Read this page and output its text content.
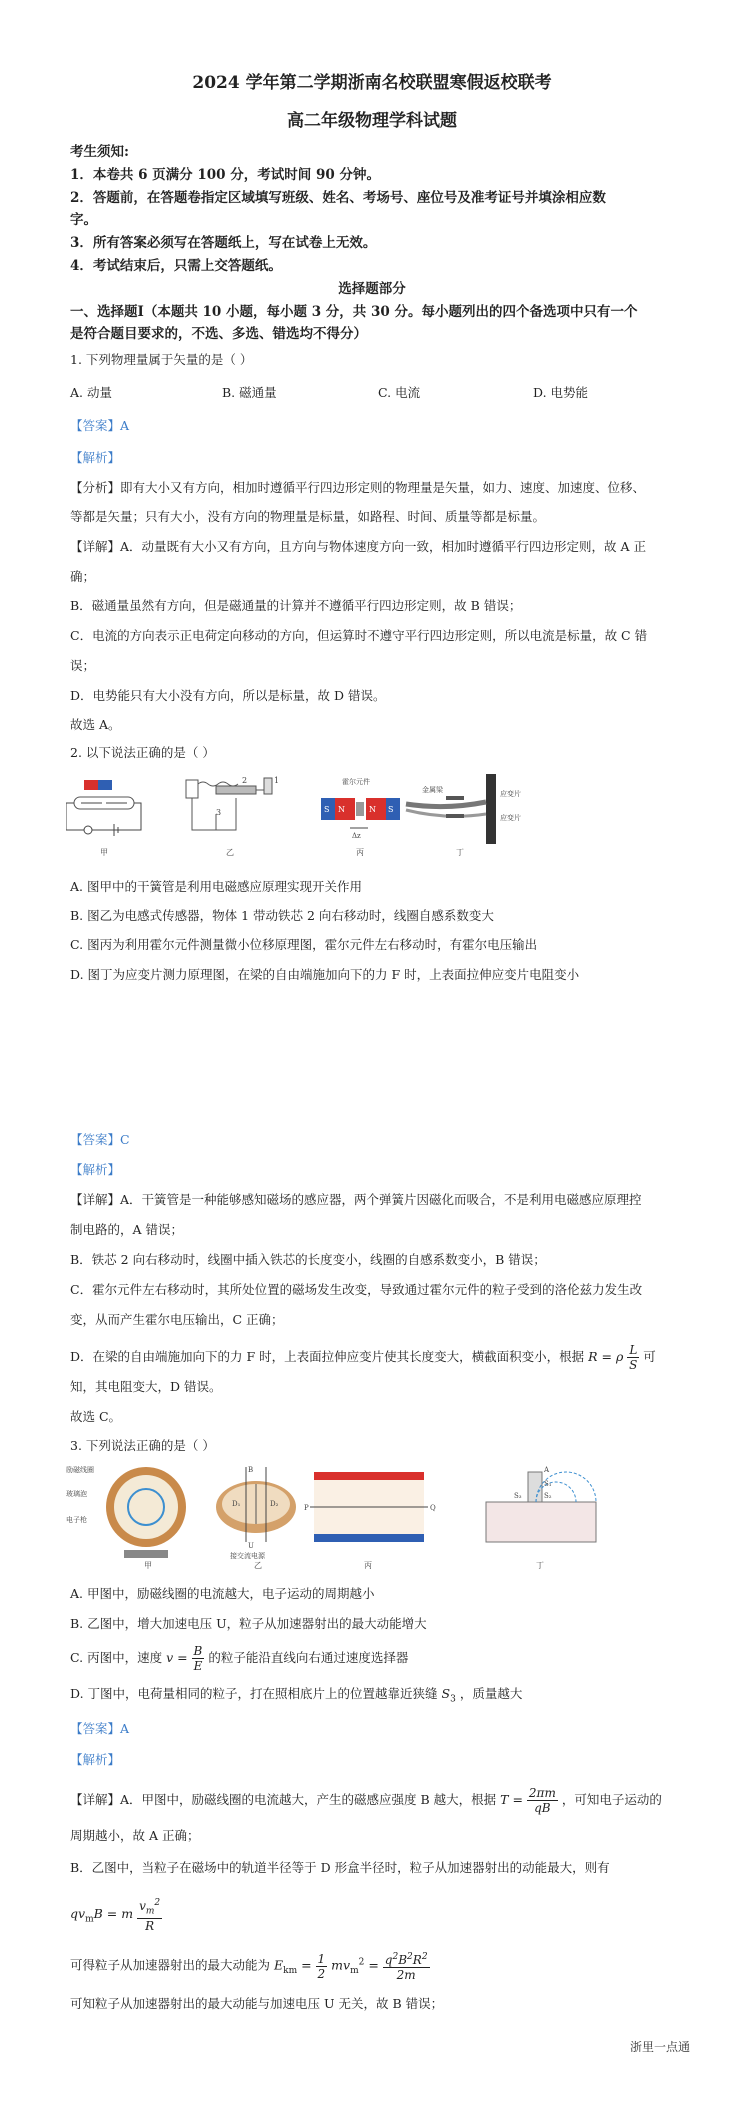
2024 学年第二学期浙南名校联盟寒假返校联考
高二年级物理学科试题
考生须知:
1．本卷共 6 页满分 100 分，考试时间 90 分钟。
2．答题前，在答题卷指定区域填写班级、姓名、考场号、座位号及准考证号并填涂相应数
字。
3．所有答案必须写在答题纸上，写在试卷上无效。
4．考试结束后，只需上交答题纸。
选择题部分
一、选择题Ⅰ（本题共 10 小题，每小题 3 分，共 30 分。每小题列出的四个备选项中只有一个
是符合题目要求的，不选、多选、错选均不得分）
1. 下列物理量属于矢量的是（ ）
A. 动量	B. 磁通量	C. 电流	D. 电势能
【答案】A
【解析】
【分析】即有大小又有方向，相加时遵循平行四边形定则的物理量是矢量，如力、速度、加速度、位移、
等都是矢量；只有大小，没有方向的物理量是标量，如路程、时间、质量等都是标量。
【详解】A．动量既有大小又有方向，且方向与物体速度方向一致，相加时遵循平行四边形定则，故 A 正
确；
B．磁通量虽然有方向，但是磁通量的计算并不遵循平行四边形定则，故 B 错误；
C．电流的方向表示正电荷定向移动的方向，但运算时不遵守平行四边形定则，所以电流是标量，故 C 错
误；
D．电势能只有大小没有方向，所以是标量，故 D 错误。
故选 A。
2. 以下说法正确的是（ ）
甲
2	1
3
乙
S N	N S
霍尔元件
Δz
丙
金属梁	应变片
应变片
丁
A. 图甲中的干簧管是利用电磁感应原理实现开关作用
B. 图乙为电感式传感器，物体 1 带动铁芯 2 向右移动时，线圈自感系数变大
C. 图丙为利用霍尔元件测量微小位移原理图，霍尔元件左右移动时，有霍尔电压输出
D. 图丁为应变片测力原理图，在梁的自由端施加向下的力 F 时，上表面拉伸应变片电阻变小
【答案】C
【解析】
【详解】A．干簧管是一种能够感知磁场的感应器，两个弹簧片因磁化而吸合，不是利用电磁感应原理控
制电路的，A 错误；
B．铁芯 2 向右移动时，线圈中插入铁芯的长度变小，线圈的自感系数变小，B 错误；
C．霍尔元件左右移动时，其所处位置的磁场发生改变，导致通过霍尔元件的粒子受到的洛伦兹力发生改
变，从而产生霍尔电压输出，C 正确；
D．在梁的自由端施加向下的力 F 时，上表面拉伸应变片使其长度变大，横截面积变小，根据 R = ρ $\frac{L}{S}$ 可
知，其电阻变大，D 错误。
故选 C。
3. 下列说法正确的是（ ）
励磁线圈
玻璃泡
电子枪
甲
B
D₁	D₂
U
接交流电源
乙
P	Q
丙
A
S₁
S₂
S₃
丁
A. 甲图中，励磁线圈的电流越大，电子运动的周期越小
B. 乙图中，增大加速电压 U，粒子从加速器射出的最大动能增大
C. 丙图中，速度 $v = \frac{B}{E}$ 的粒子能沿直线向右通过速度选择器
D. 丁图中，电荷量相同的粒子，打在照相底片上的位置越靠近狭缝 $S_3$ ，质量越大
【答案】A
【解析】
【详解】A．甲图中，励磁线圈的电流越大，产生的磁感应强度 B 越大，根据 $T = \frac{2\pi m}{qB}$ ，可知电子运动的
周期越小，故 A 正确；
B．乙图中，当粒子在磁场中的轨道半径等于 D 形盒半径时，粒子从加速器射出的动能最大，则有
$qv_mB = m \frac{v_m^2}{R}$
可得粒子从加速器射出的最大动能为 $E_{km} = \frac{1}{2} mv_m^2 = \frac{q^2B^2R^2}{2m}$
可知粒子从加速器射出的最大动能与加速电压 U 无关，故 B 错误；
浙里一点通
